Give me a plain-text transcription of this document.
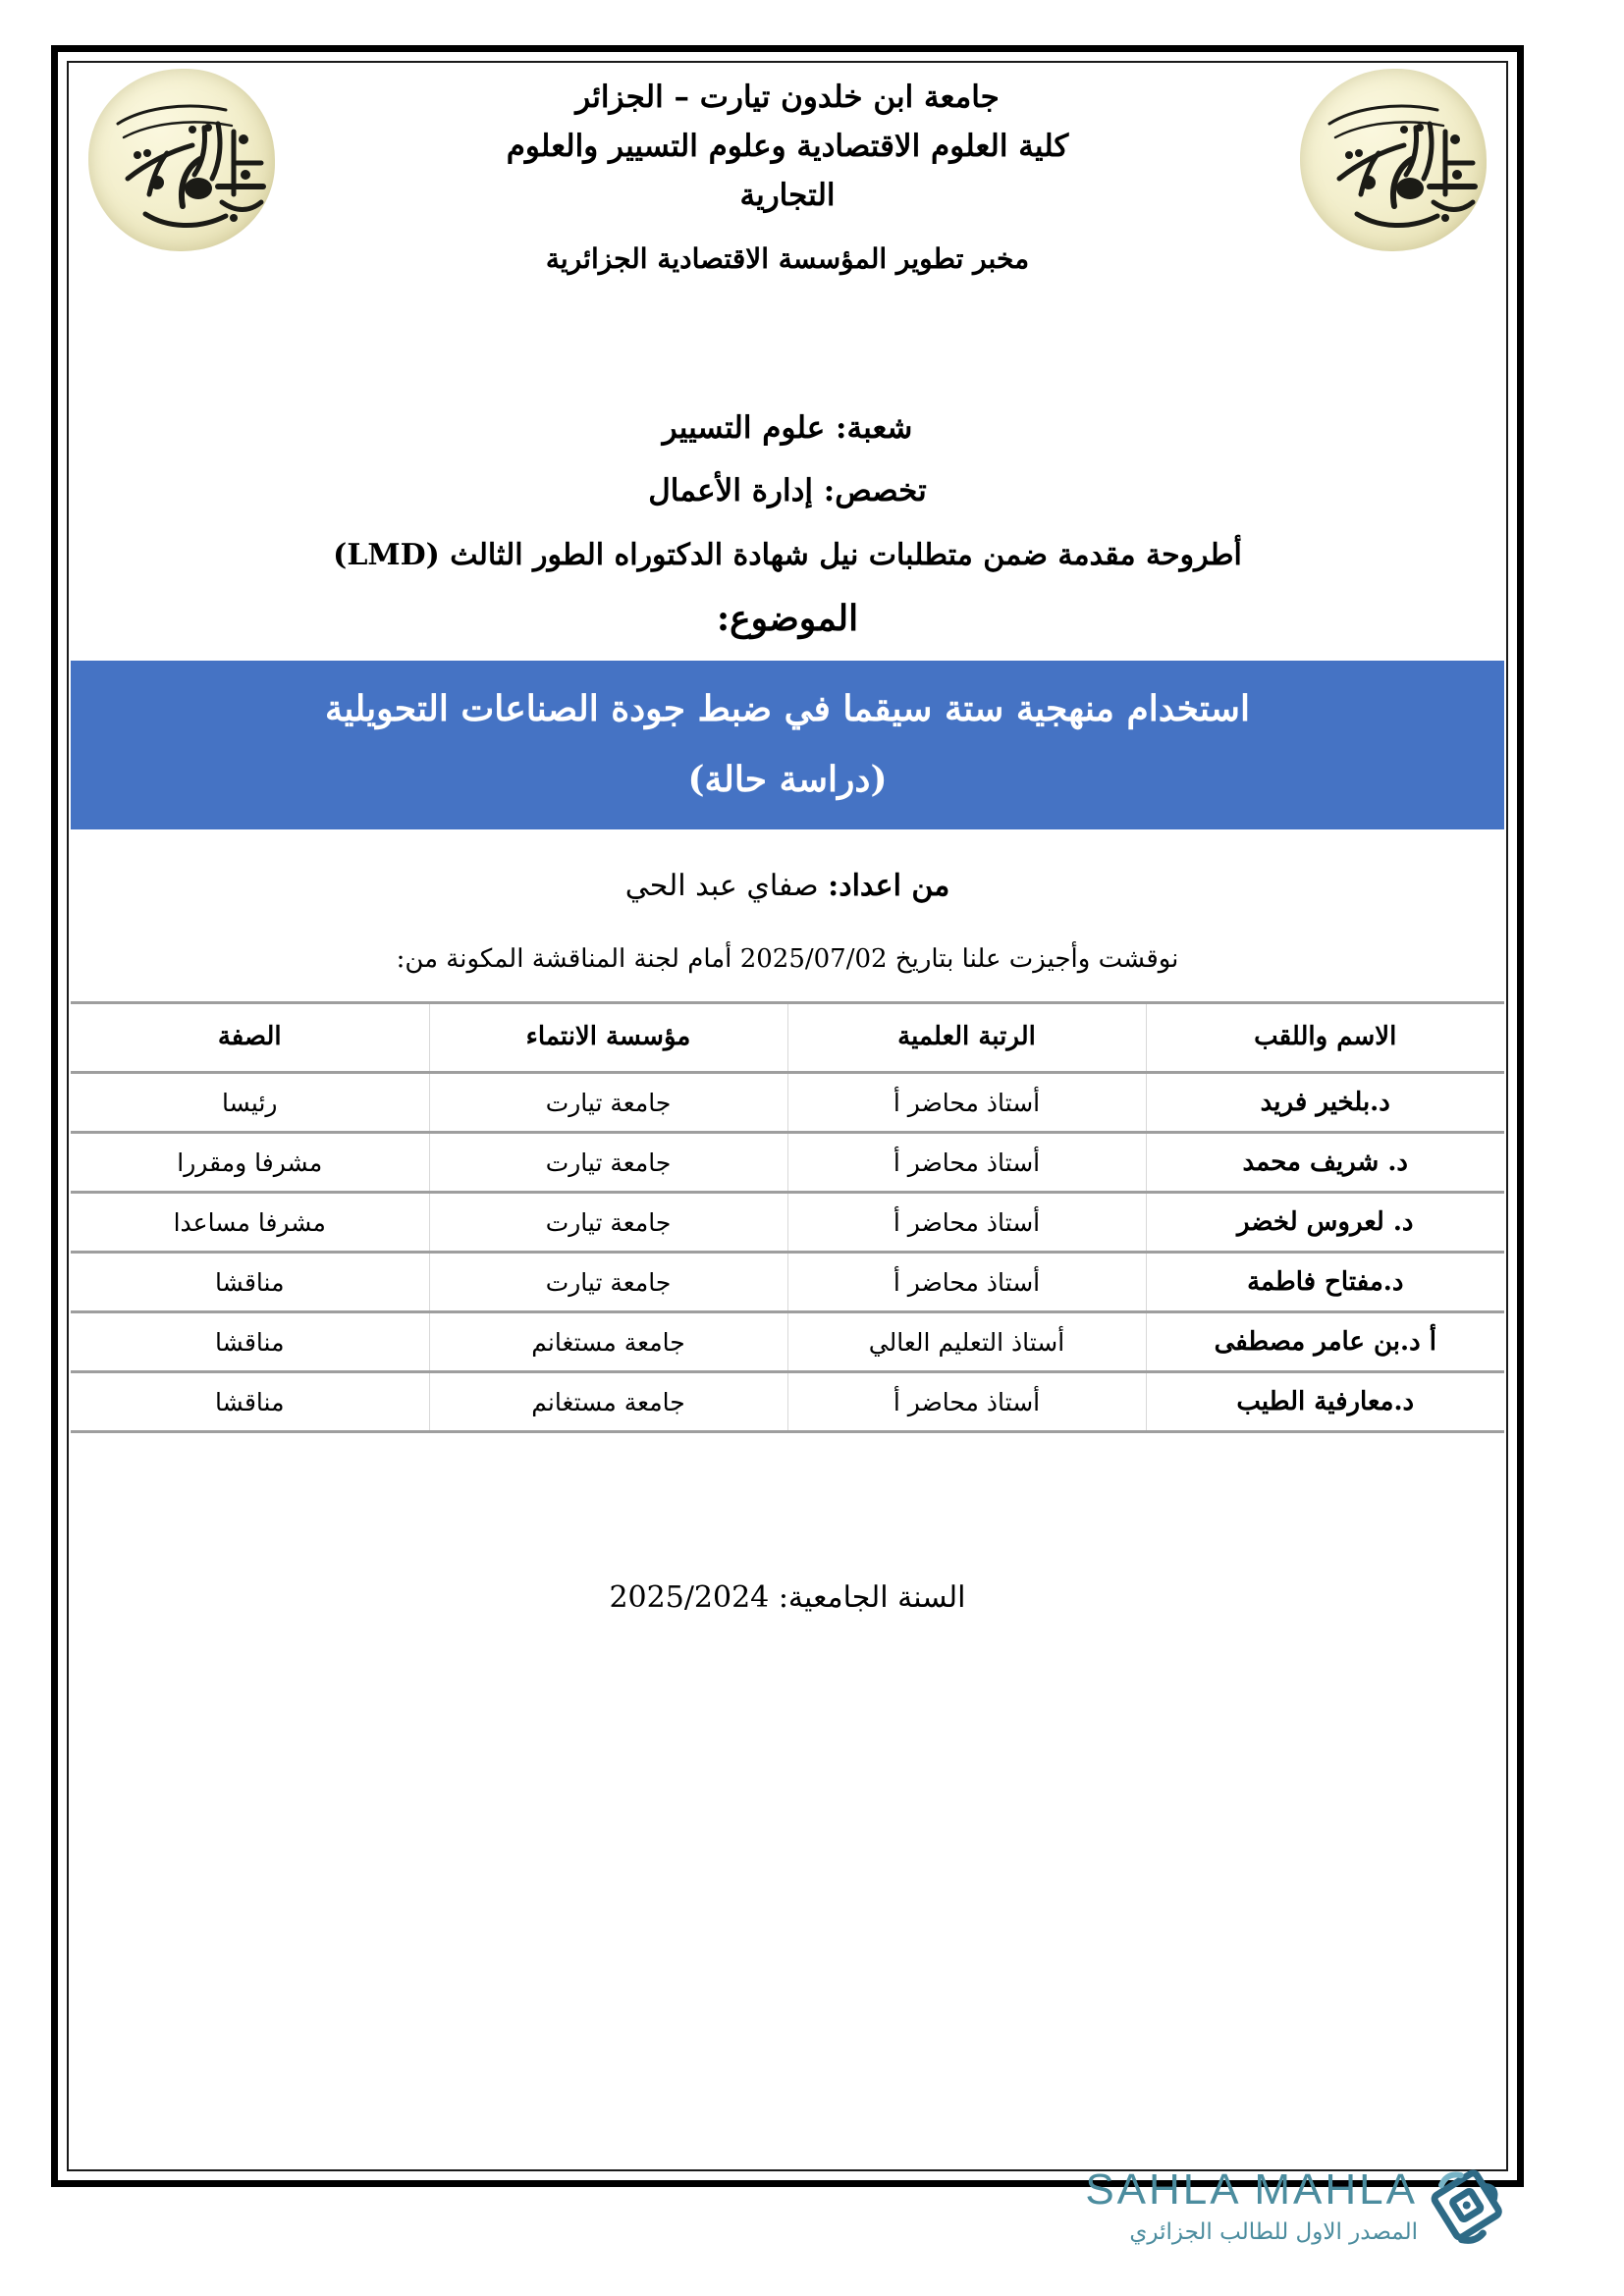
جامعة ابن خلدون تيارت – الجزائر
كلية العلوم الاقتصادية وعلوم التسيير والعلوم
التجارية
مخبر تطوير المؤسسة الاقتصادية الجزائرية
شعبة: علوم التسيير
تخصص: إدارة الأعمال
أطروحة مقدمة ضمن متطلبات نيل شهادة الدكتوراه الطور الثالث (LMD)
الموضوع:
استخدام منهجية ستة سيقما في ضبط جودة الصناعات التحويلية
(دراسة حالة)
من اعداد: صفاي عبد الحي
نوقشت وأجيزت علنا بتاريخ 2025/07/02 أمام لجنة المناقشة المكونة من:
الاسم واللقب	الرتبة العلمية	مؤسسة الانتماء	الصفة
د.بلخير فريد	أستاذ محاضر أ	جامعة تيارت	رئيسا
د. شريف محمد	أستاذ محاضر أ	جامعة تيارت	مشرفا ومقررا
د. لعروس لخضر	أستاذ محاضر أ	جامعة تيارت	مشرفا مساعدا
د.مفتاح فاطمة	أستاذ محاضر أ	جامعة تيارت	مناقشا
أ د.بن عامر مصطفى	أستاذ التعليم العالي	جامعة مستغانم	مناقشا
د.معارفية الطيب	أستاذ محاضر أ	جامعة مستغانم	مناقشا
السنة الجامعية: 2025/2024
SAHLA MAHLA
المصدر الاول للطالب الجزائري
